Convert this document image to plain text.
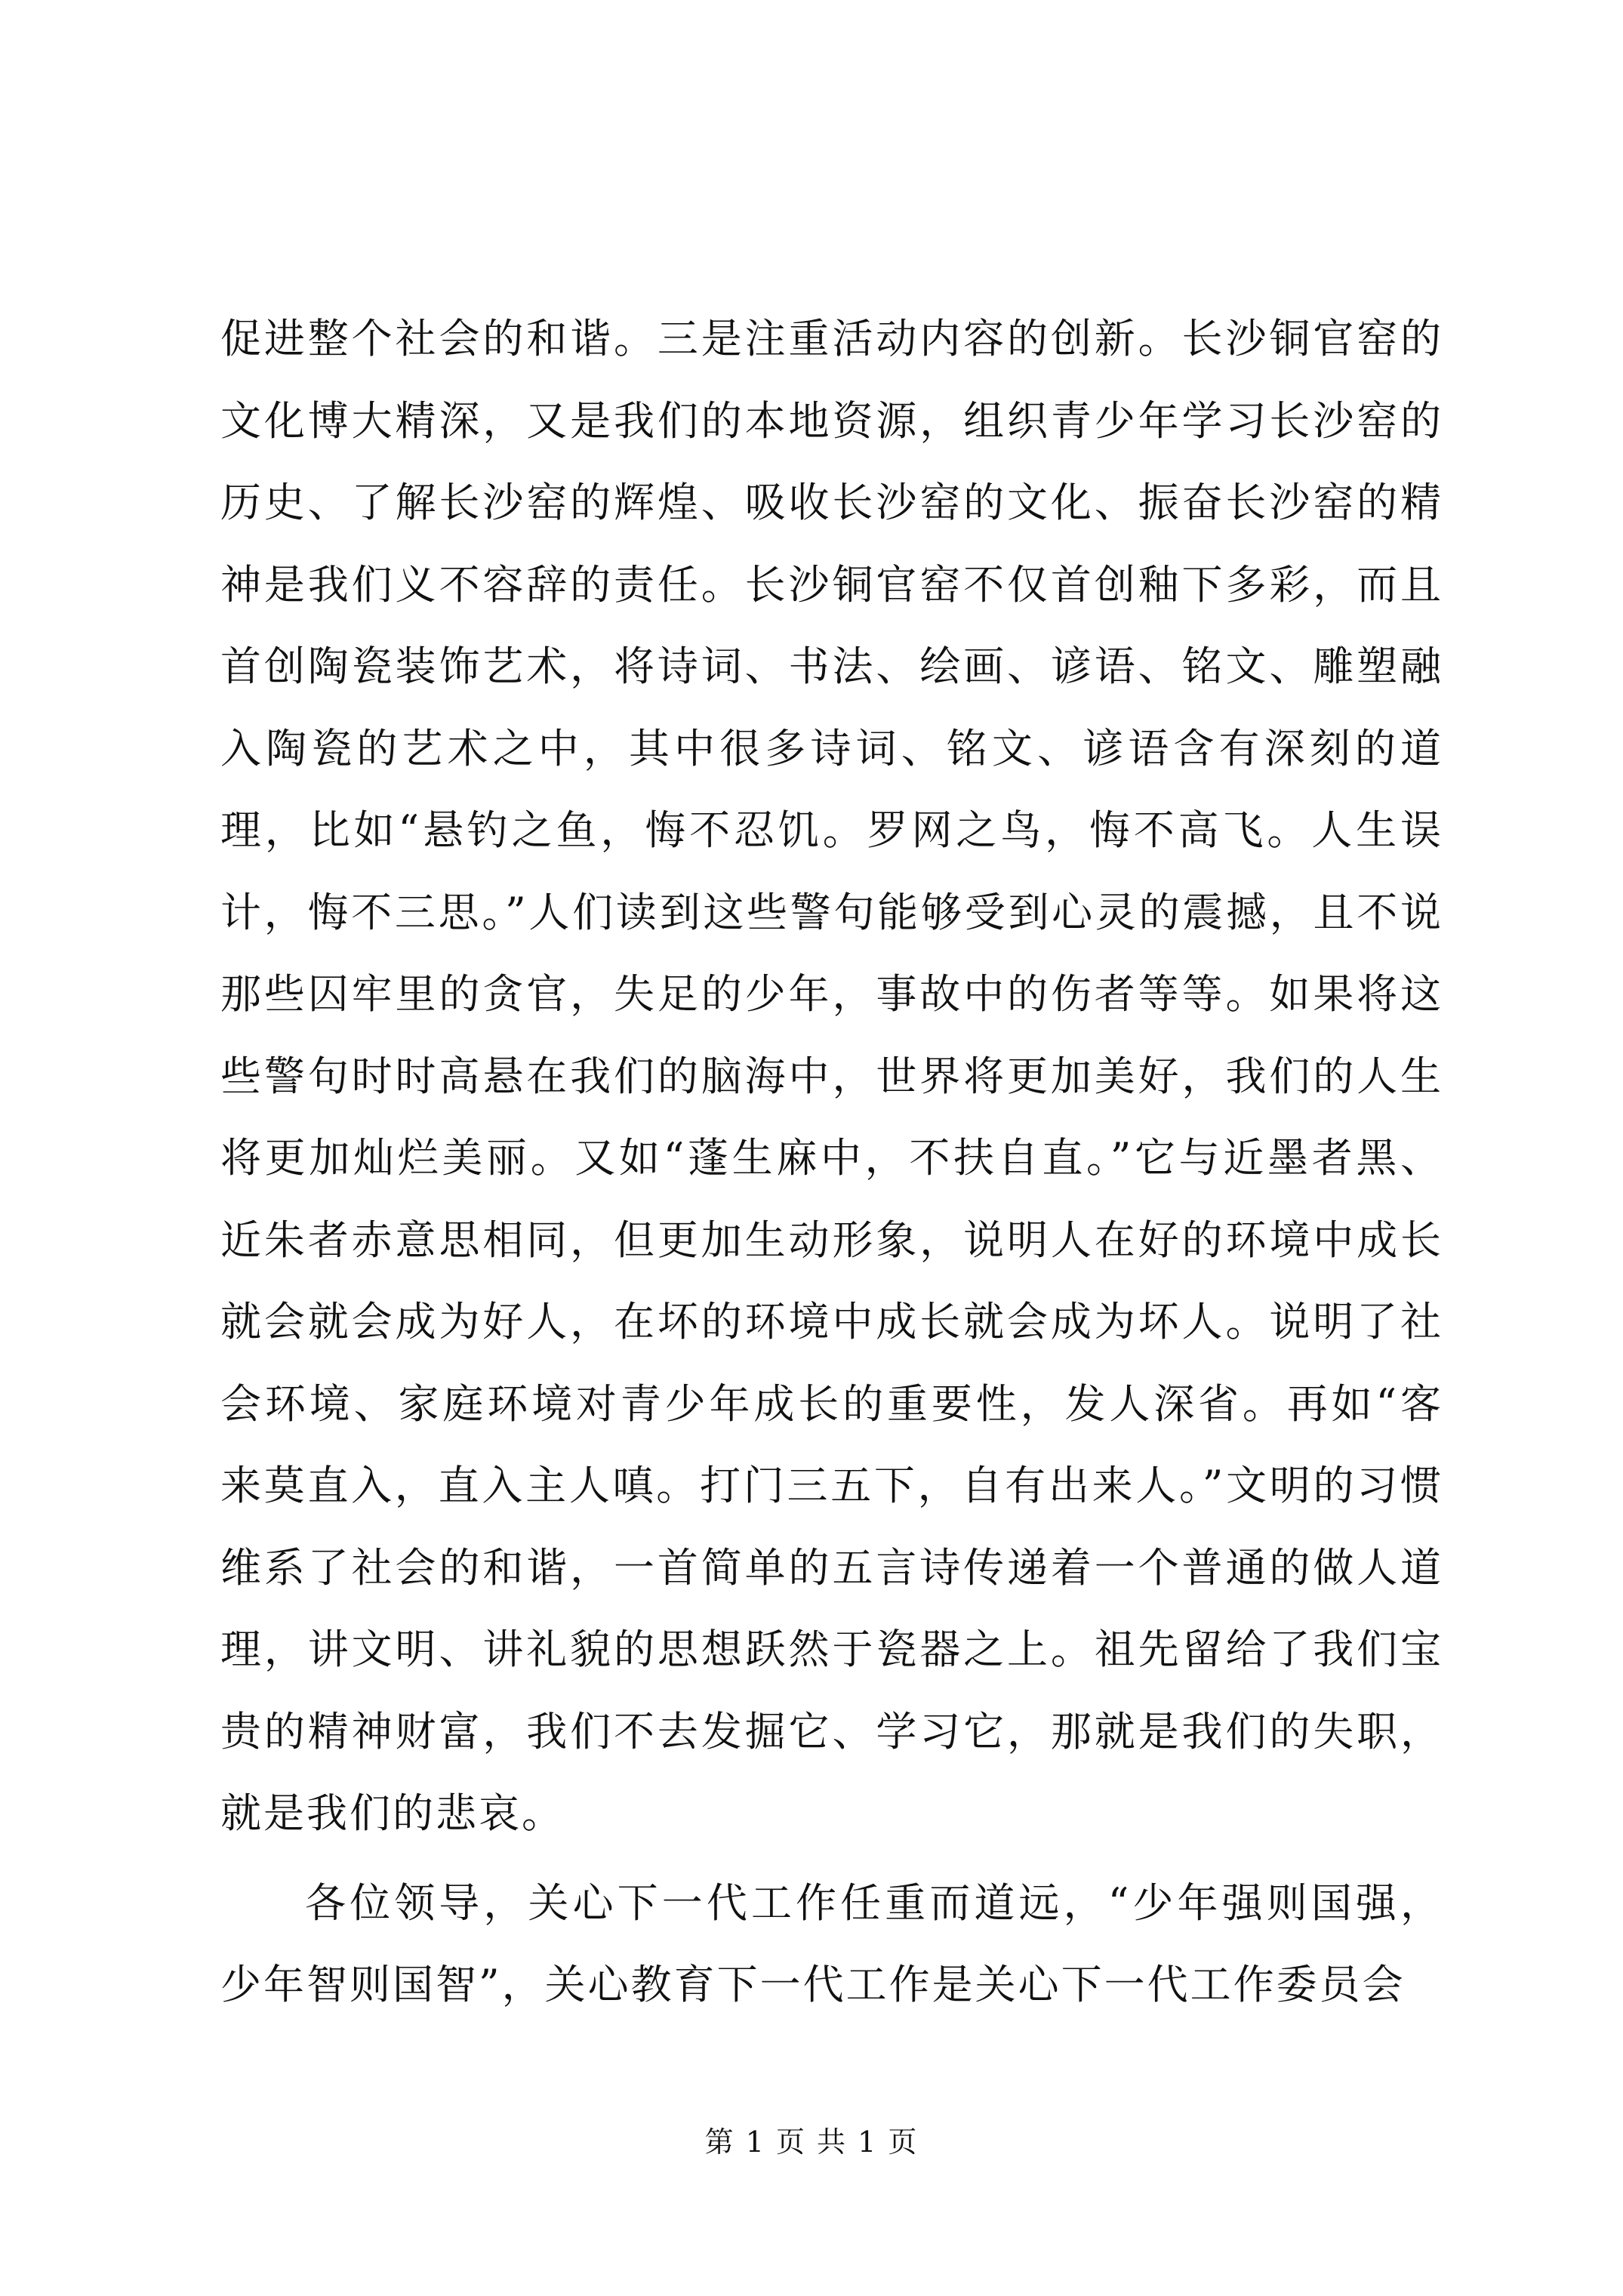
促进整个社会的和谐。三是注重活动内容的创新。长沙铜官窑的文化博大精深，又是我们的本地资源，组织青少年学习长沙窑的历史、了解长沙窑的辉煌、吸收长沙窑的文化、振奋长沙窑的精神是我们义不容辞的责任。长沙铜官窑不仅首创釉下多彩，而且首创陶瓷装饰艺术，将诗词、书法、绘画、谚语、铭文、雕塑融入陶瓷的艺术之中，其中很多诗词、铭文、谚语含有深刻的道理，比如“悬钓之鱼，悔不忍饥。罗网之鸟，悔不高飞。人生误计，悔不三思。”人们读到这些警句能够受到心灵的震撼，且不说那些囚牢里的贪官，失足的少年，事故中的伤者等等。如果将这些警句时时高悬在我们的脑海中，世界将更加美好，我们的人生将更加灿烂美丽。又如“蓬生麻中，不扶自直。”它与近墨者黑、近朱者赤意思相同，但更加生动形象，说明人在好的环境中成长就会就会成为好人，在坏的环境中成长就会成为坏人。说明了社会环境、家庭环境对青少年成长的重要性，发人深省。再如“客来莫直入，直入主人嗔。打门三五下，自有出来人。”文明的习惯维系了社会的和谐，一首简单的五言诗传递着一个普通的做人道理，讲文明、讲礼貌的思想跃然于瓷器之上。祖先留给了我们宝贵的精神财富，我们不去发掘它、学习它，那就是我们的失职，就是我们的悲哀。

各位领导，关心下一代工作任重而道远，“少年强则国强，少年智则国智”，关心教育下一代工作是关心下一代工作委员会

第 1 页 共 1 页
